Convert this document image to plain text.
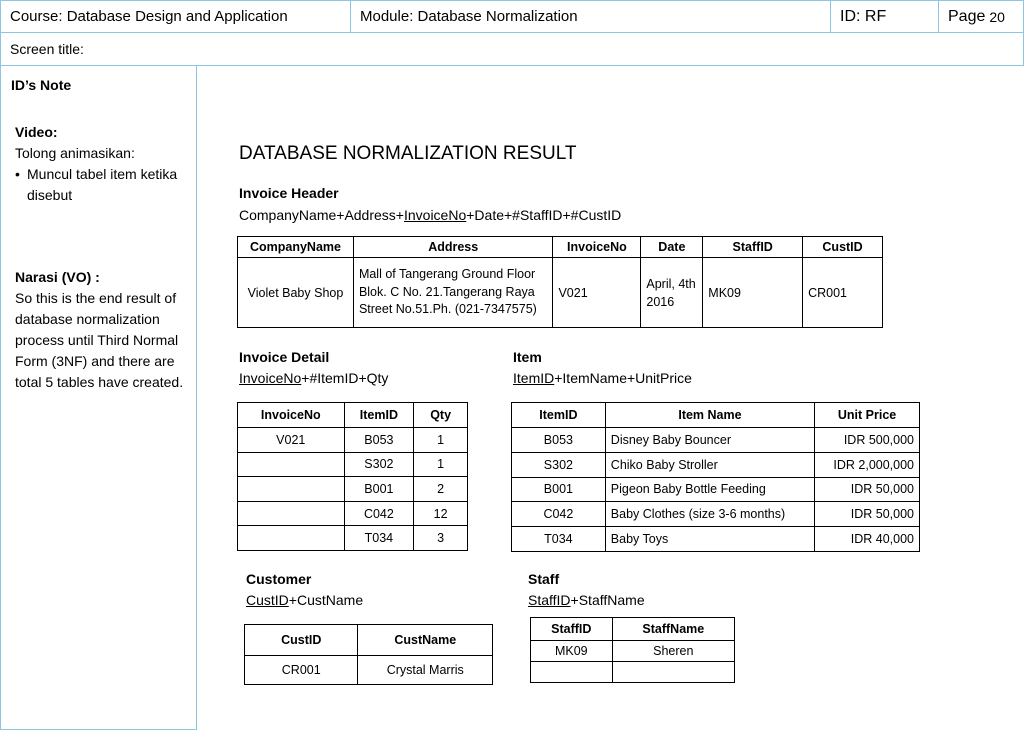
Course: Database Design and Application	Module: Database Normalization	ID: RF	Page 20
Screen title:
ID’s Note
Video:
Tolong animasikan:
• Muncul tabel item ketika disebut
Narasi (VO) :
So this is the end result of database normalization process until Third Normal Form (3NF) and there are total 5 tables have created.
DATABASE NORMALIZATION RESULT
Invoice Header
CompanyName+Address+InvoiceNo+Date+#StaffID+#CustID
CompanyName	Address	InvoiceNo	Date	StaffID	CustID
Violet Baby Shop	Mall of Tangerang Ground Floor Blok. C No. 21.Tangerang Raya Street No.51.Ph. (021-7347575)	V021	April, 4th 2016	MK09	CR001
Invoice Detail
InvoiceNo+#ItemID+Qty
InvoiceNo	ItemID	Qty
V021	B053	1
	S302	1
	B001	2
	C042	12
	T034	3
Item
ItemID+ItemName+UnitPrice
ItemID	Item Name	Unit Price
B053	Disney Baby Bouncer	IDR 500,000
S302	Chiko Baby Stroller	IDR 2,000,000
B001	Pigeon Baby Bottle Feeding	IDR 50,000
C042	Baby Clothes (size 3-6 months)	IDR 50,000
T034	Baby Toys	IDR 40,000
Customer
CustID+CustName
CustID	CustName
CR001	Crystal Marris
Staff
StaffID+StaffName
StaffID	StaffName
MK09	Sheren
